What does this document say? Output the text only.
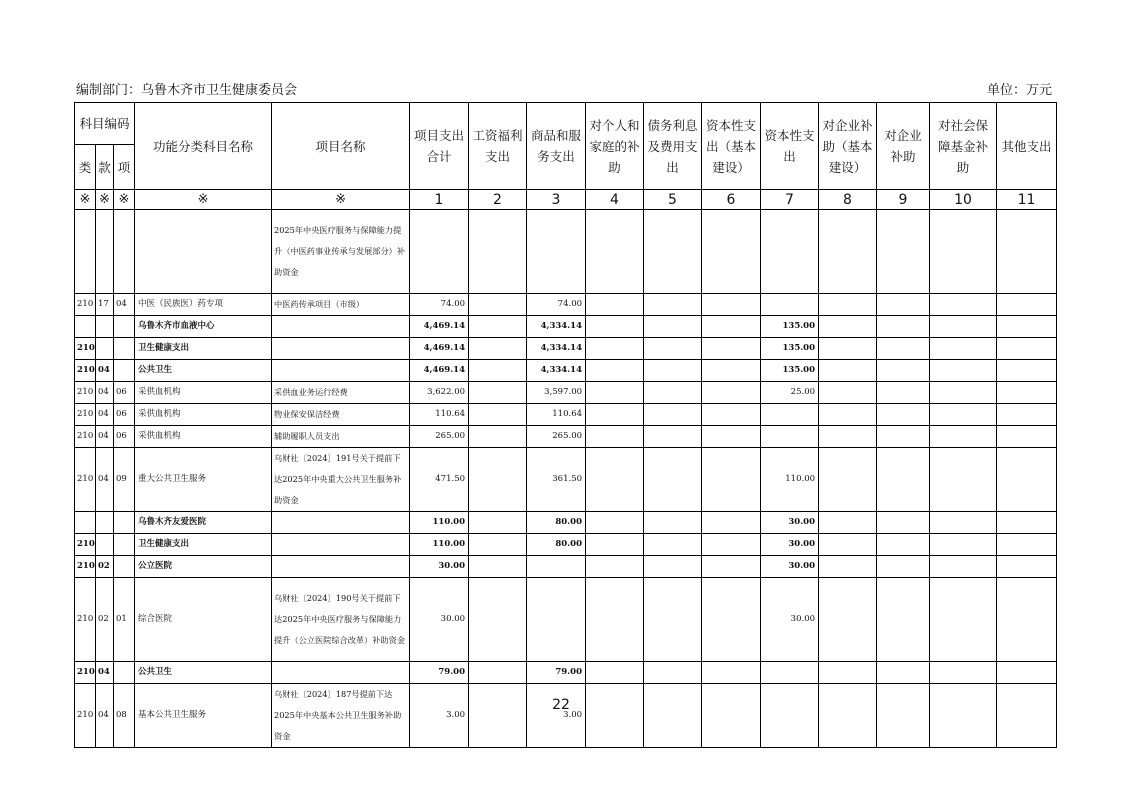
编制部门：乌鲁木齐市卫生健康委员会	单位：万元
科目编码			功能分类科目名称	项目名称	项目支出合计	工资福利支出	商品和服务支出	对个人和家庭的补助	债务利息及费用支出	资本性支出（基本建设）	资本性支出	对企业补助（基本建设）	对企业补助	对社会保障基金补助	其他支出
类	款	项													
※	※	※	※	※	1	2	3	4	5	6	7	8	9	10	11
				2025年中央医疗服务与保障能力提升（中医药事业传承与发展部分）补助资金											
210	17	04	中医（民族医）药专项	中医药传承项目（市级）	74.00		74.00								
			乌鲁木齐市血液中心		4,469.14		4,334.14				135.00				
210			卫生健康支出		4,469.14		4,334.14				135.00				
210	04		公共卫生		4,469.14		4,334.14				135.00				
210	04	06	采供血机构	采供血业务运行经费	3,622.00		3,597.00				25.00				
210	04	06	采供血机构	物业保安保洁经费	110.64		110.64								
210	04	06	采供血机构	辅助履职人员支出	265.00		265.00								
210	04	09	重大公共卫生服务	乌财社〔2024〕191号关于提前下达2025年中央重大公共卫生服务补助资金	471.50		361.50				110.00				
			乌鲁木齐友爱医院		110.00		80.00				30.00				
210			卫生健康支出		110.00		80.00				30.00				
210	02		公立医院		30.00						30.00				
210	02	01	综合医院	乌财社〔2024〕190号关于提前下达2025年中央医疗服务与保障能力提升（公立医院综合改革）补助资金	30.00						30.00				
210	04		公共卫生		79.00		79.00								
210	04	08	基本公共卫生服务	乌财社〔2024〕187号提前下达2025年中央基本公共卫生服务补助资金	3.00		3.00								
22
